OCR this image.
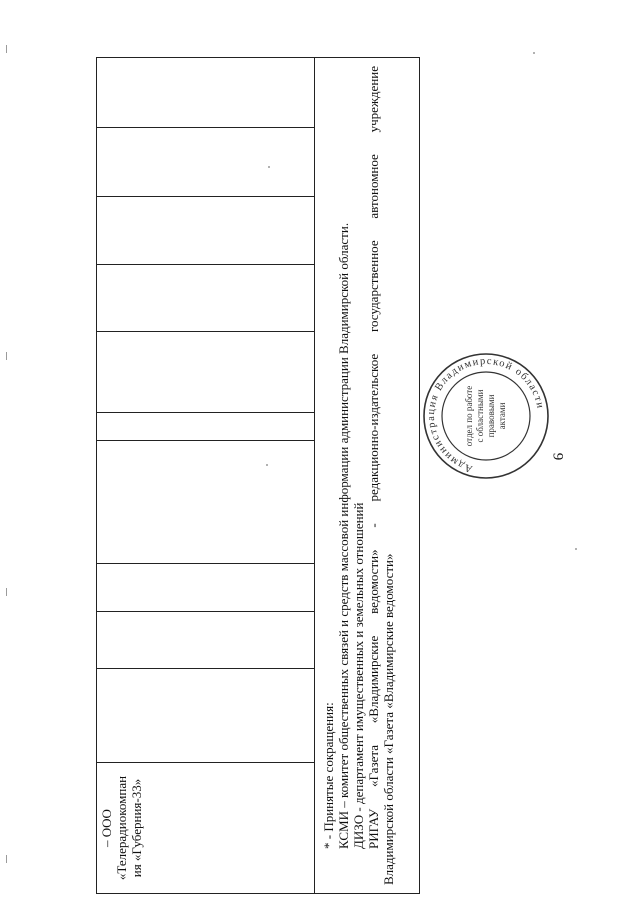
9
– ООО «Телерадиокомпан ия «Губерния-33»

* - Принятые сокращения: КСМИ – комитет общественных связей и средств массовой информации администрации Владимирской области. ДИЗО - департамент имущественных и земельных отношений РИГАУ «Газета «Владимирские ведомости» - редакционно-издательское государственное автономное учреждение Владимирской области «Газета «Владимирские ведомости»

Администрация Владимирской области
отдел по работе с областными правовыми актами
